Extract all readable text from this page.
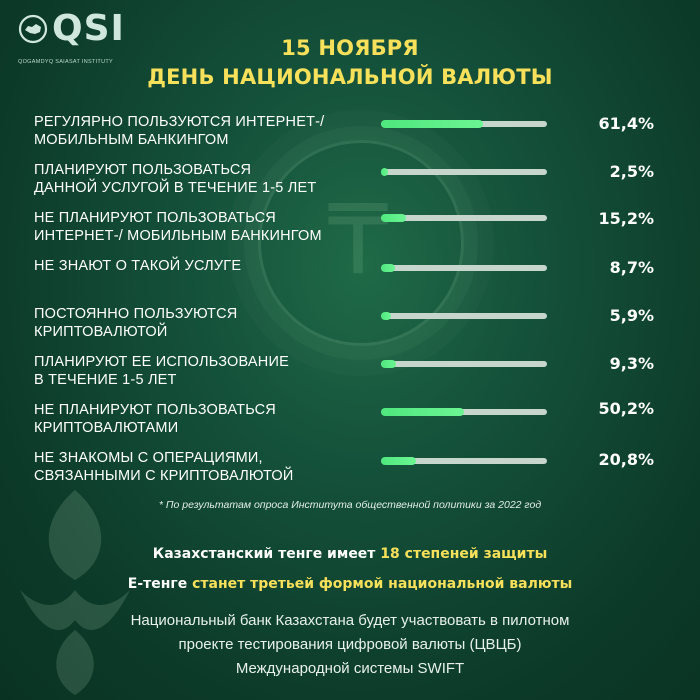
₸
QSI
QOGAMDYQ SAIASAT INSTITUTY
15 НОЯБРЯ
ДЕНЬ НАЦИОНАЛЬНОЙ ВАЛЮТЫ
РЕГУЛЯРНО ПОЛЬЗУЮТСЯ ИНТЕРНЕТ-/
МОБИЛЬНЫМ БАНКИНГОМ
61,4%
ПЛАНИРУЮТ ПОЛЬЗОВАТЬСЯ
ДАННОЙ УСЛУГОЙ В ТЕЧЕНИЕ 1-5 ЛЕТ
2,5%
НЕ ПЛАНИРУЮТ ПОЛЬЗОВАТЬСЯ
ИНТЕРНЕТ-/ МОБИЛЬНЫМ БАНКИНГОМ
15,2%
НЕ ЗНАЮТ О ТАКОЙ УСЛУГЕ	8,7%
ПОСТОЯННО ПОЛЬЗУЮТСЯ
КРИПТОВАЛЮТОЙ
5,9%
ПЛАНИРУЮТ ЕЕ ИСПОЛЬЗОВАНИЕ
В ТЕЧЕНИЕ 1-5 ЛЕТ
9,3%
НЕ ПЛАНИРУЮТ ПОЛЬЗОВАТЬСЯ
КРИПТОВАЛЮТАМИ
50,2%
НЕ ЗНАКОМЫ С ОПЕРАЦИЯМИ,
СВЯЗАННЫМИ С КРИПТОВАЛЮТОЙ
20,8%
* По результатам опроса Института общественной политики за 2022 год
Казахстанский тенге имеет 18 степеней защиты
Е-тенге станет третьей формой национальной валюты
Национальный банк Казахстана будет участвовать в пилотном
проекте тестирования цифровой валюты (ЦВЦБ)
Международной системы SWIFT
